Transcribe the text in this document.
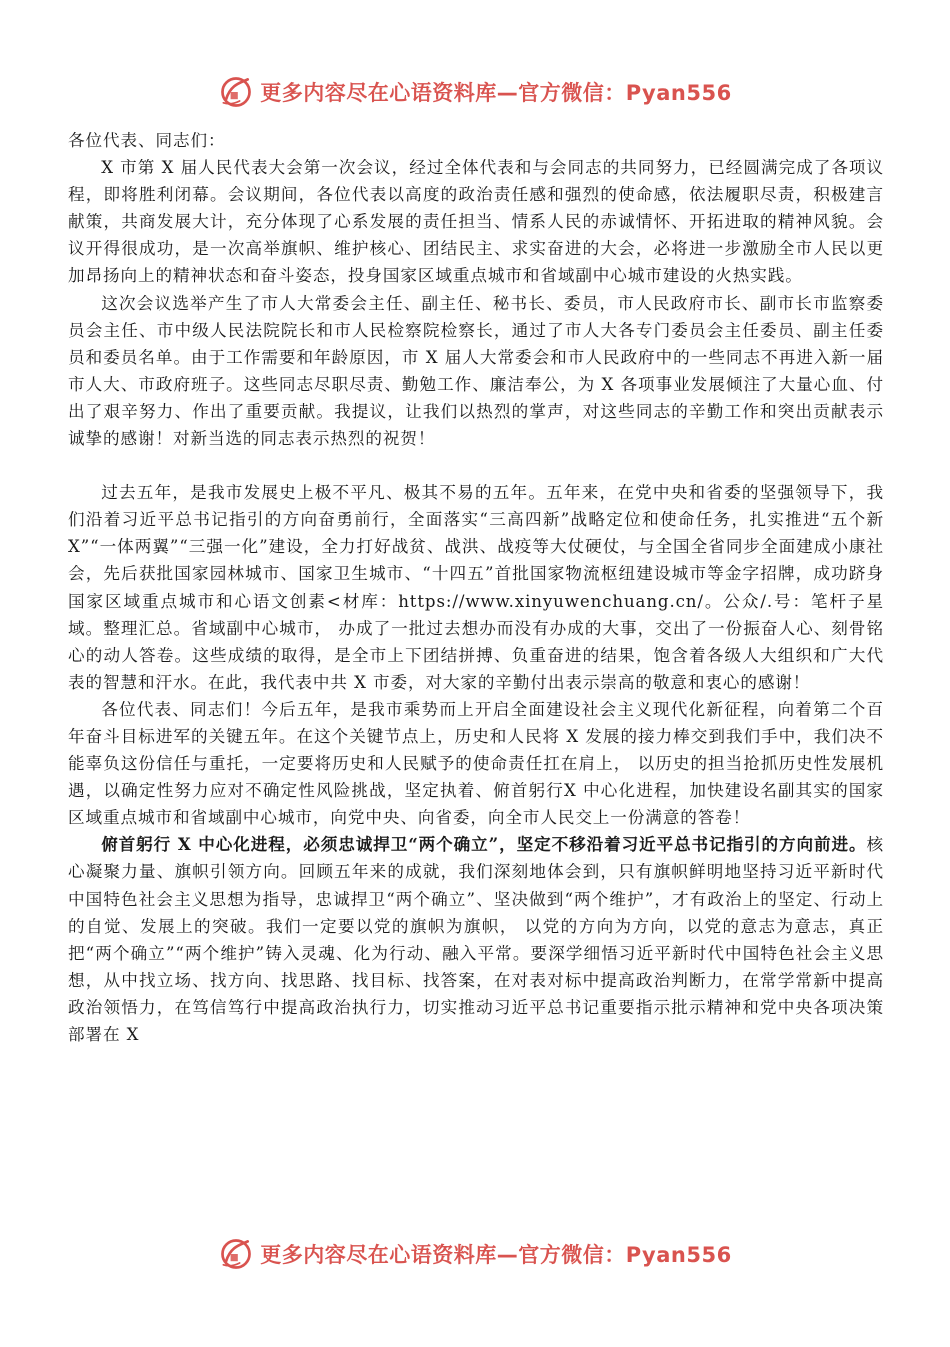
更多内容尽在心语资料库—官方微信：Pyan556

各位代表、同志们：

X 市第 X 届人民代表大会第一次会议，经过全体代表和与会同志的共同努力，已经圆满完成了各项议程，即将胜利闭幕。会议期间，各位代表以高度的政治责任感和强烈的使命感，依法履职尽责，积极建言献策，共商发展大计，充分体现了心系发展的责任担当、情系人民的赤诚情怀、开拓进取的精神风貌。会议开得很成功，是一次高举旗帜、维护核心、团结民主、求实奋进的大会，必将进一步激励全市人民以更加昂扬向上的精神状态和奋斗姿态，投身国家区域重点城市和省域副中心城市建设的火热实践。

这次会议选举产生了市人大常委会主任、副主任、秘书长、委员，市人民政府市长、副市长市监察委员会主任、市中级人民法院院长和市人民检察院检察长，通过了市人大各专门委员会主任委员、副主任委员和委员名单。由于工作需要和年龄原因，市 X 届人大常委会和市人民政府中的一些同志不再进入新一届市人大、市政府班子。这些同志尽职尽责、勤勉工作、廉洁奉公，为 X 各项事业发展倾注了大量心血、付出了艰辛努力、作出了重要贡献。我提议，让我们以热烈的掌声，对这些同志的辛勤工作和突出贡献表示诚挚的感谢！对新当选的同志表示热烈的祝贺！

过去五年，是我市发展史上极不平凡、极其不易的五年。五年来，在党中央和省委的坚强领导下，我们沿着习近平总书记指引的方向奋勇前行，全面落实“三高四新”战略定位和使命任务，扎实推进“五个新 X”“一体两翼”“三强一化”建设，全力打好战贫、战洪、战疫等大仗硬仗，与全国全省同步全面建成小康社会，先后获批国家园林城市、国家卫生城市、“十四五”首批国家物流枢纽建设城市等金字招牌，成功跻身国家区域重点城市和心语文创素<材库：https://www.xinyuwenchuang.cn/。公众/.号：笔杆子星域。整理汇总。省域副中心城市， 办成了一批过去想办而没有办成的大事，交出了一份振奋人心、刻骨铭心的动人答卷。这些成绩的取得，是全市上下团结拼搏、负重奋进的结果，饱含着各级人大组织和广大代表的智慧和汗水。在此，我代表中共 X 市委，对大家的辛勤付出表示崇高的敬意和衷心的感谢！

各位代表、同志们！今后五年，是我市乘势而上开启全面建设社会主义现代化新征程，向着第二个百年奋斗目标进军的关键五年。在这个关键节点上，历史和人民将 X 发展的接力棒交到我们手中，我们决不能辜负这份信任与重托，一定要将历史和人民赋予的使命责任扛在肩上， 以历史的担当抢抓历史性发展机遇，以确定性努力应对不确定性风险挑战，坚定执着、俯首躬行X 中心化进程，加快建设名副其实的国家区域重点城市和省域副中心城市，向党中央、向省委，向全市人民交上一份满意的答卷！

俯首躬行 X 中心化进程，必须忠诚捍卫“两个确立”，坚定不移沿着习近平总书记指引的方向前进。核心凝聚力量、旗帜引领方向。回顾五年来的成就，我们深刻地体会到，只有旗帜鲜明地坚持习近平新时代中国特色社会主义思想为指导，忠诚捍卫“两个确立”、坚决做到“两个维护”，才有政治上的坚定、行动上的自觉、发展上的突破。我们一定要以党的旗帜为旗帜， 以党的方向为方向，以党的意志为意志，真正把“两个确立”“两个维护”铸入灵魂、化为行动、融入平常。要深学细悟习近平新时代中国特色社会主义思想，从中找立场、找方向、找思路、找目标、找答案，在对表对标中提高政治判断力，在常学常新中提高政治领悟力，在笃信笃行中提高政治执行力，切实推动习近平总书记重要指示批示精神和党中央各项决策部署在 X

更多内容尽在心语资料库—官方微信：Pyan556
